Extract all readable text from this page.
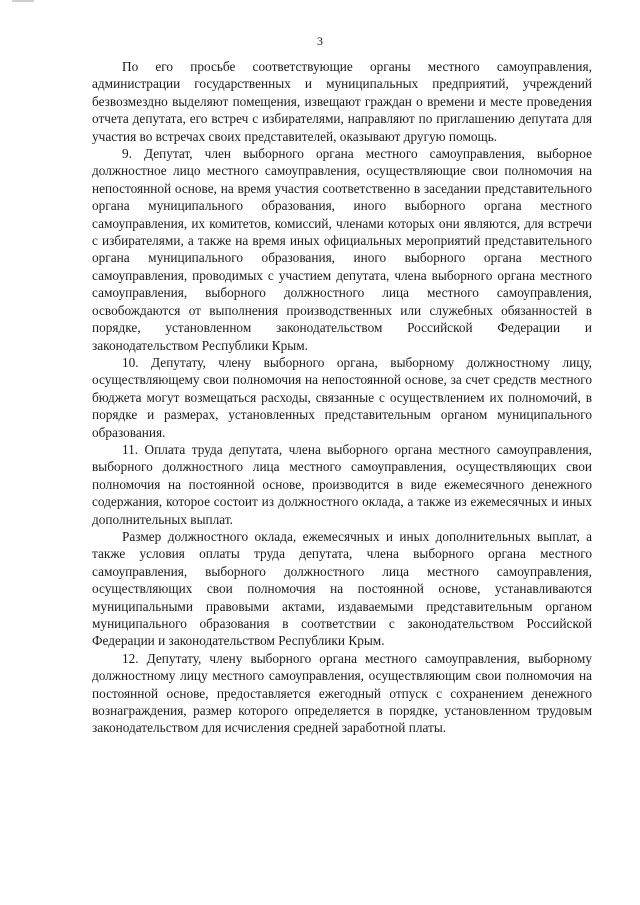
3

По его просьбе соответствующие органы местного самоуправления, администрации государственных и муниципальных предприятий, учреждений безвозмездно выделяют помещения, извещают граждан о времени и месте проведения отчета депутата, его встреч с избирателями, направляют по приглашению депутата для участия во встречах своих представителей, оказывают другую помощь.

9. Депутат, член выборного органа местного самоуправления, выборное должностное лицо местного самоуправления, осуществляющие свои полномочия на непостоянной основе, на время участия соответственно в заседании представительного органа муниципального образования, иного выборного органа местного самоуправления, их комитетов, комиссий, членами которых они являются, для встречи с избирателями, а также на время иных официальных мероприятий представительного органа муниципального образования, иного выборного органа местного самоуправления, проводимых с участием депутата, члена выборного органа местного самоуправления, выборного должностного лица местного самоуправления, освобождаются от выполнения производственных или служебных обязанностей в порядке, установленном законодательством Российской Федерации и законодательством Республики Крым.

10. Депутату, члену выборного органа, выборному должностному лицу, осуществляющему свои полномочия на непостоянной основе, за счет средств местного бюджета могут возмещаться расходы, связанные с осуществлением их полномочий, в порядке и размерах, установленных представительным органом муниципального образования.

11. Оплата труда депутата, члена выборного органа местного самоуправления, выборного должностного лица местного самоуправления, осуществляющих свои полномочия на постоянной основе, производится в виде ежемесячного денежного содержания, которое состоит из должностного оклада, а также из ежемесячных и иных дополнительных выплат.

Размер должностного оклада, ежемесячных и иных дополнительных выплат, а также условия оплаты труда депутата, члена выборного органа местного самоуправления, выборного должностного лица местного самоуправления, осуществляющих свои полномочия на постоянной основе, устанавливаются муниципальными правовыми актами, издаваемыми представительным органом муниципального образования в соответствии с законодательством Российской Федерации и законодательством Республики Крым.

12. Депутату, члену выборного органа местного самоуправления, выборному должностному лицу местного самоуправления, осуществляющим свои полномочия на постоянной основе, предоставляется ежегодный отпуск с сохранением денежного вознаграждения, размер которого определяется в порядке, установленном трудовым законодательством для исчисления средней заработной платы.
